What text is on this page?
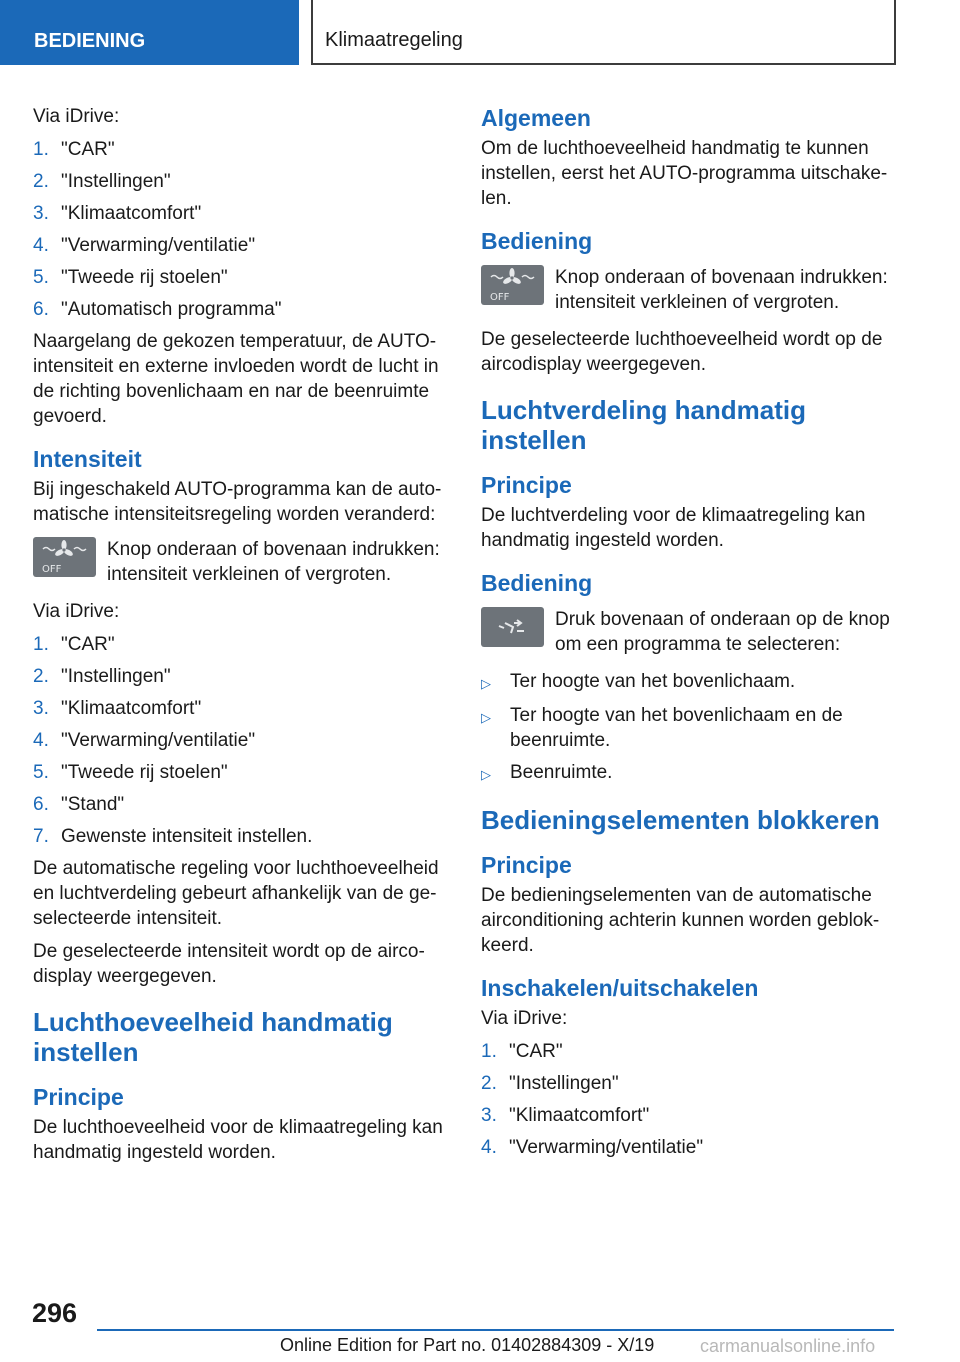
BEDIENING	Klimaatregeling

Via iDrive:

1. "CAR"
2. "Instellingen"
3. "Klimaatcomfort"
4. "Verwarming/ventilatie"
5. "Tweede rij stoelen"
6. "Automatisch programma"

Naargelang de gekozen temperatuur, de AUTO-intensiteit en externe invloeden wordt de lucht in de richting bovenlichaam en nar de beenruimte gevoerd.

Intensiteit

Bij ingeschakeld AUTO-programma kan de automatische intensiteitsregeling worden veranderd:

OFF
Knop onderaan of bovenaan indrukken: intensiteit verkleinen of vergroten.

Via iDrive:

1. "CAR"
2. "Instellingen"
3. "Klimaatcomfort"
4. "Verwarming/ventilatie"
5. "Tweede rij stoelen"
6. "Stand"
7. Gewenste intensiteit instellen.

De automatische regeling voor luchthoeveelheid en luchtverdeling gebeurt afhankelijk van de geselecteerde intensiteit.

De geselecteerde intensiteit wordt op de aircodisplay weergegeven.

Luchthoeveelheid handmatig instellen
Principe

De luchthoeveelheid voor de klimaatregeling kan handmatig ingesteld worden.

Algemeen

Om de luchthoeveelheid handmatig te kunnen instellen, eerst het AUTO-programma uitschakelen.

Bediening
OFF
Knop onderaan of bovenaan indrukken: intensiteit verkleinen of vergroten.

De geselecteerde luchthoeveelheid wordt op de aircodisplay weergegeven.

Luchtverdeling handmatig instellen
Principe

De luchtverdeling voor de klimaatregeling kan handmatig ingesteld worden.

Bediening
Druk bovenaan of onderaan op de knop om een programma te selecteren:
▷	Ter hoogte van het bovenlichaam.
▷	Ter hoogte van het bovenlichaam en de beenruimte.
▷	Beenruimte.
Bedieningselementen blokkeren
Principe

De bedieningselementen van de automatische airconditioning achterin kunnen worden geblokkeerd.

Inschakelen/uitschakelen

Via iDrive:

1. "CAR"
2. "Instellingen"
3. "Klimaatcomfort"
4. "Verwarming/ventilatie"
296
Online Edition for Part no. 01402884309 - X/19	carmanualsonline.info
